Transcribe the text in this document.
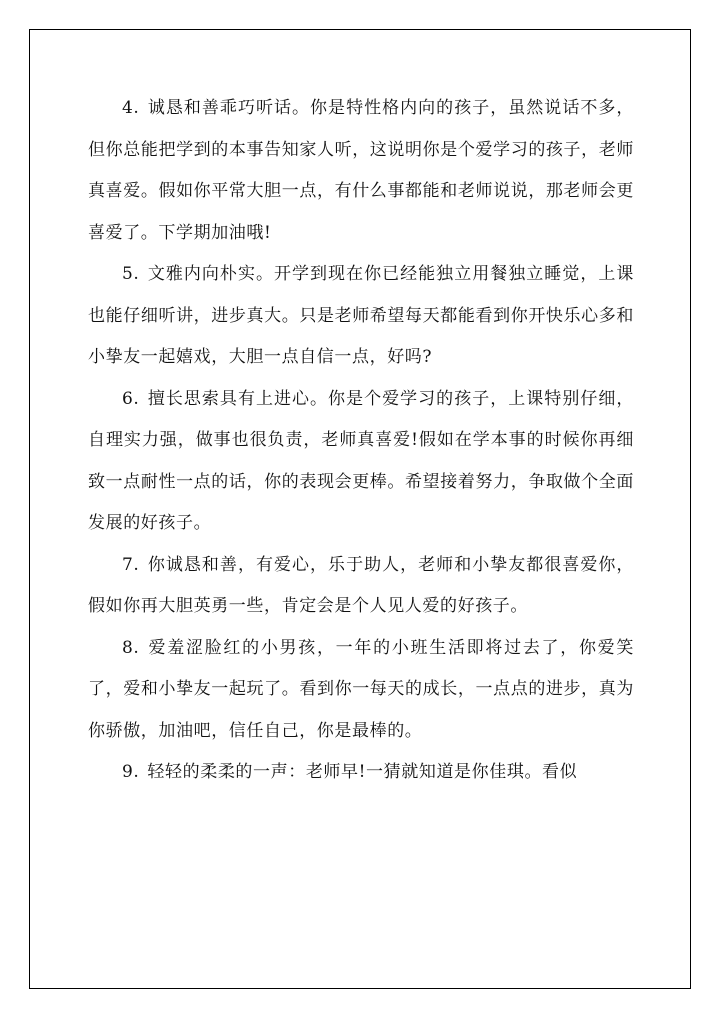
4. 诚恳和善乖巧听话。你是特性格内向的孩子，虽然说话不多，但你总能把学到的本事告知家人听，这说明你是个爱学习的孩子，老师真喜爱。假如你平常大胆一点，有什么事都能和老师说说，那老师会更喜爱了。下学期加油哦!

5. 文雅内向朴实。开学到现在你已经能独立用餐独立睡觉，上课也能仔细听讲，进步真大。只是老师希望每天都能看到你开快乐心多和小挚友一起嬉戏，大胆一点自信一点，好吗?

6. 擅长思索具有上进心。你是个爱学习的孩子，上课特别仔细，自理实力强，做事也很负责，老师真喜爱!假如在学本事的时候你再细致一点耐性一点的话，你的表现会更棒。希望接着努力，争取做个全面发展的好孩子。

7. 你诚恳和善，有爱心，乐于助人，老师和小挚友都很喜爱你，假如你再大胆英勇一些，肯定会是个人见人爱的好孩子。

8. 爱羞涩脸红的小男孩，一年的小班生活即将过去了，你爱笑了，爱和小挚友一起玩了。看到你一每天的成长，一点点的进步，真为你骄傲，加油吧，信任自己，你是最棒的。

9. 轻轻的柔柔的一声：老师早!一猜就知道是你佳琪。看似
